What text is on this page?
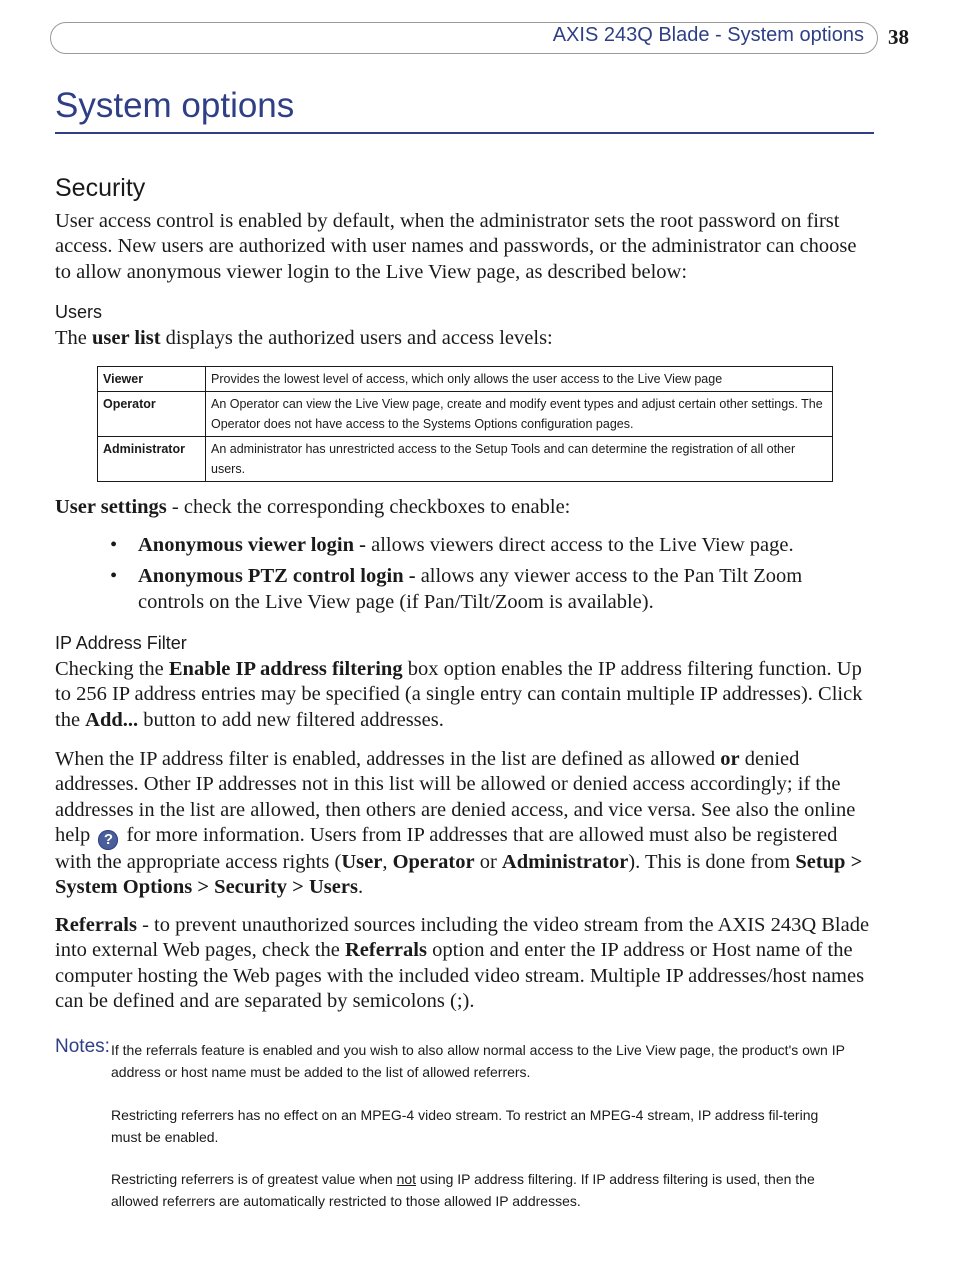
AXIS 243Q Blade - System options 38
System options
Security

User access control is enabled by default, when the administrator sets the root password on first access. New users are authorized with user names and passwords, or the administrator can choose to allow anonymous viewer login to the Live View page, as described below:

Users

The user list displays the authorized users and access levels:

Viewer	Provides the lowest level of access, which only allows the user access to the Live View page
Operator	An Operator can view the Live View page, create and modify event types and adjust certain other settings. The Operator does not have access to the Systems Options configuration pages.
Administrator	An administrator has unrestricted access to the Setup Tools and can determine the registration of all other users.

User settings - check the corresponding checkboxes to enable:

• Anonymous viewer login - allows viewers direct access to the Live View page.
• Anonymous PTZ control login - allows any viewer access to the Pan Tilt Zoom controls on the Live View page (if Pan/Tilt/Zoom is available).
IP Address Filter

Checking the Enable IP address filtering box option enables the IP address filtering function. Up to 256 IP address entries may be specified (a single entry can contain multiple IP addresses). Click the Add... button to add new filtered addresses.

When the IP address filter is enabled, addresses in the list are defined as allowed or denied addresses. Other IP addresses not in this list will be allowed or denied access accordingly; if the addresses in the list are allowed, then others are denied access, and vice versa. See also the online help ? for more information. Users from IP addresses that are allowed must also be registered with the appropriate access rights (User, Operator or Administrator). This is done from Setup > System Options > Security > Users.

Referrals - to prevent unauthorized sources including the video stream from the AXIS 243Q Blade into external Web pages, check the Referrals option and enter the IP address or Host name of the computer hosting the Web pages with the included video stream. Multiple IP addresses/host names can be defined and are separated by semicolons (;).

Notes: If the referrals feature is enabled and you wish to also allow normal access to the Live View page, the product's own IP address or host name must be added to the list of allowed referrers.

Restricting referrers has no effect on an MPEG-4 video stream. To restrict an MPEG-4 stream, IP address fil-tering must be enabled.

Restricting referrers is of greatest value when not using IP address filtering. If IP address filtering is used, then the allowed referrers are automatically restricted to those allowed IP addresses.
